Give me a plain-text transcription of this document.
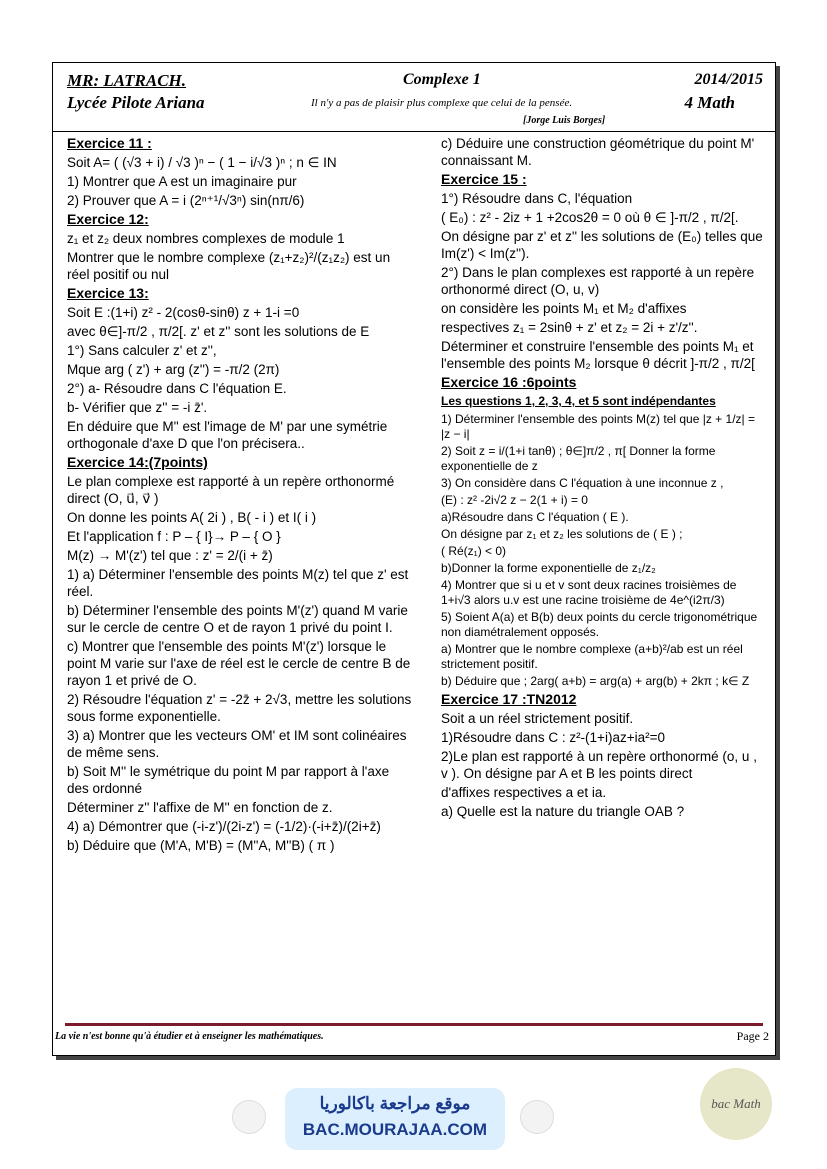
MR: LATRACH.
Lycée Pilote Ariana
Complexe 1
Il n'y a pas de plaisir plus complexe que celui de la pensée.
[Jorge Luis Borges]
2014/2015
4 Math

Exercice 11 :

Soit A= ( (√3 + i) / √3 )ⁿ − ( 1 − i/√3 )ⁿ ; n ∈ IN

1) Montrer que A est un imaginaire pur

2) Prouver que A = i (2ⁿ⁺¹/√3ⁿ) sin(nπ/6)

Exercice 12:

z₁ et z₂ deux nombres complexes de module 1

Montrer que le nombre complexe (z₁+z₂)²/(z₁z₂) est un réel positif ou nul

Exercice 13:

Soit E :(1+i) z² - 2(cosθ-sinθ) z + 1-i =0

avec θ∈]-π/2 , π/2[. z' et z'' sont les solutions de E

1°) Sans calculer z' et z'',

Mque arg ( z') + arg (z'') = -π/2 (2π)

2°) a- Résoudre dans C l'équation E.

b- Vérifier que z'' = -i z̄'.

En déduire que M'' est l'image de M' par une symétrie orthogonale d'axe D que l'on précisera..

Exercice 14:(7points)

Le plan complexe est rapporté à un repère orthonormé direct (O, u⃗, v⃗ )

On donne les points A( 2i ) , B( - i ) et I( i )

Et l'application f : P – { I}→ P – { O }

M(z) → M'(z') tel que : z' = 2/(i + z̄)

1) a) Déterminer l'ensemble des points M(z) tel que z' est réel.

b) Déterminer l'ensemble des points M'(z') quand M varie sur le cercle de centre O et de rayon 1 privé du point I.

c) Montrer que l'ensemble des points M'(z') lorsque le point M varie sur l'axe de réel est le cercle de centre B de rayon 1 et privé de O.

2) Résoudre l'équation z' = -2z̄ + 2√3, mettre les solutions sous forme exponentielle.

3) a) Montrer que les vecteurs OM' et IM sont colinéaires de même sens.

b) Soit M'' le symétrique du point M par rapport à l'axe des ordonné

Déterminer z'' l'affixe de M'' en fonction de z.

4) a) Démontrer que (-i-z')/(2i-z') = (-1/2)·(-i+z̄)/(2i+z̄)

b) Déduire que (M'A, M'B) = (M''A, M''B) ( π )

c) Déduire une construction géométrique du point M' connaissant M.

Exercice 15 :

1°) Résoudre dans C, l'équation

( E₀) : z² - 2iz + 1 +2cos2θ = 0 où θ ∈ ]-π/2 , π/2[.

On désigne par z' et z'' les solutions de (E₀) telles que Im(z') < Im(z'').

2°) Dans le plan complexes est rapporté à un repère orthonormé direct (O, u, v)

on considère les points M₁ et M₂ d'affixes

respectives z₁ = 2sinθ + z' et z₂ = 2i + z'/z''.

Déterminer et construire l'ensemble des points M₁ et l'ensemble des points M₂ lorsque θ décrit ]-π/2 , π/2[

Exercice 16 :6points

Les questions 1, 2, 3, 4, et 5 sont indépendantes

1) Déterminer l'ensemble des points M(z) tel que |z + 1/z| = |z − i|

2) Soit z = i/(1+i tanθ) ; θ∈]π/2 , π[ Donner la forme exponentielle de z

3) On considère dans C l'équation à une inconnue z ,

(E) : z² -2i√2 z − 2(1 + i) = 0

a)Résoudre dans C l'équation ( E ).

On désigne par z₁ et z₂ les solutions de ( E ) ;

( Ré(z₁) < 0)

b)Donner la forme exponentielle de z₁/z₂

4) Montrer que si u et v sont deux racines troisièmes de 1+i√3 alors u.v est une racine troisième de 4e^(i2π/3)

5) Soient A(a) et B(b) deux points du cercle trigonométrique non diamétralement opposés.

a) Montrer que le nombre complexe (a+b)²/ab est un réel strictement positif.

b) Déduire que ; 2arg( a+b) = arg(a) + arg(b) + 2kπ ; k∈ Z

Exercice 17 :TN2012

Soit a un réel strictement positif.

1)Résoudre dans C : z²-(1+i)az+ia²=0

2)Le plan est rapporté à un repère orthonormé (o, u , v ). On désigne par A et B les points direct

d'affixes respectives a et ia.

a) Quelle est la nature du triangle OAB ?

La vie n'est bonne qu'à étudier et à enseigner les mathématiques.	Page 2
موقع مراجعة باكالوريا
BAC.MOURAJAA.COM
bac Math
